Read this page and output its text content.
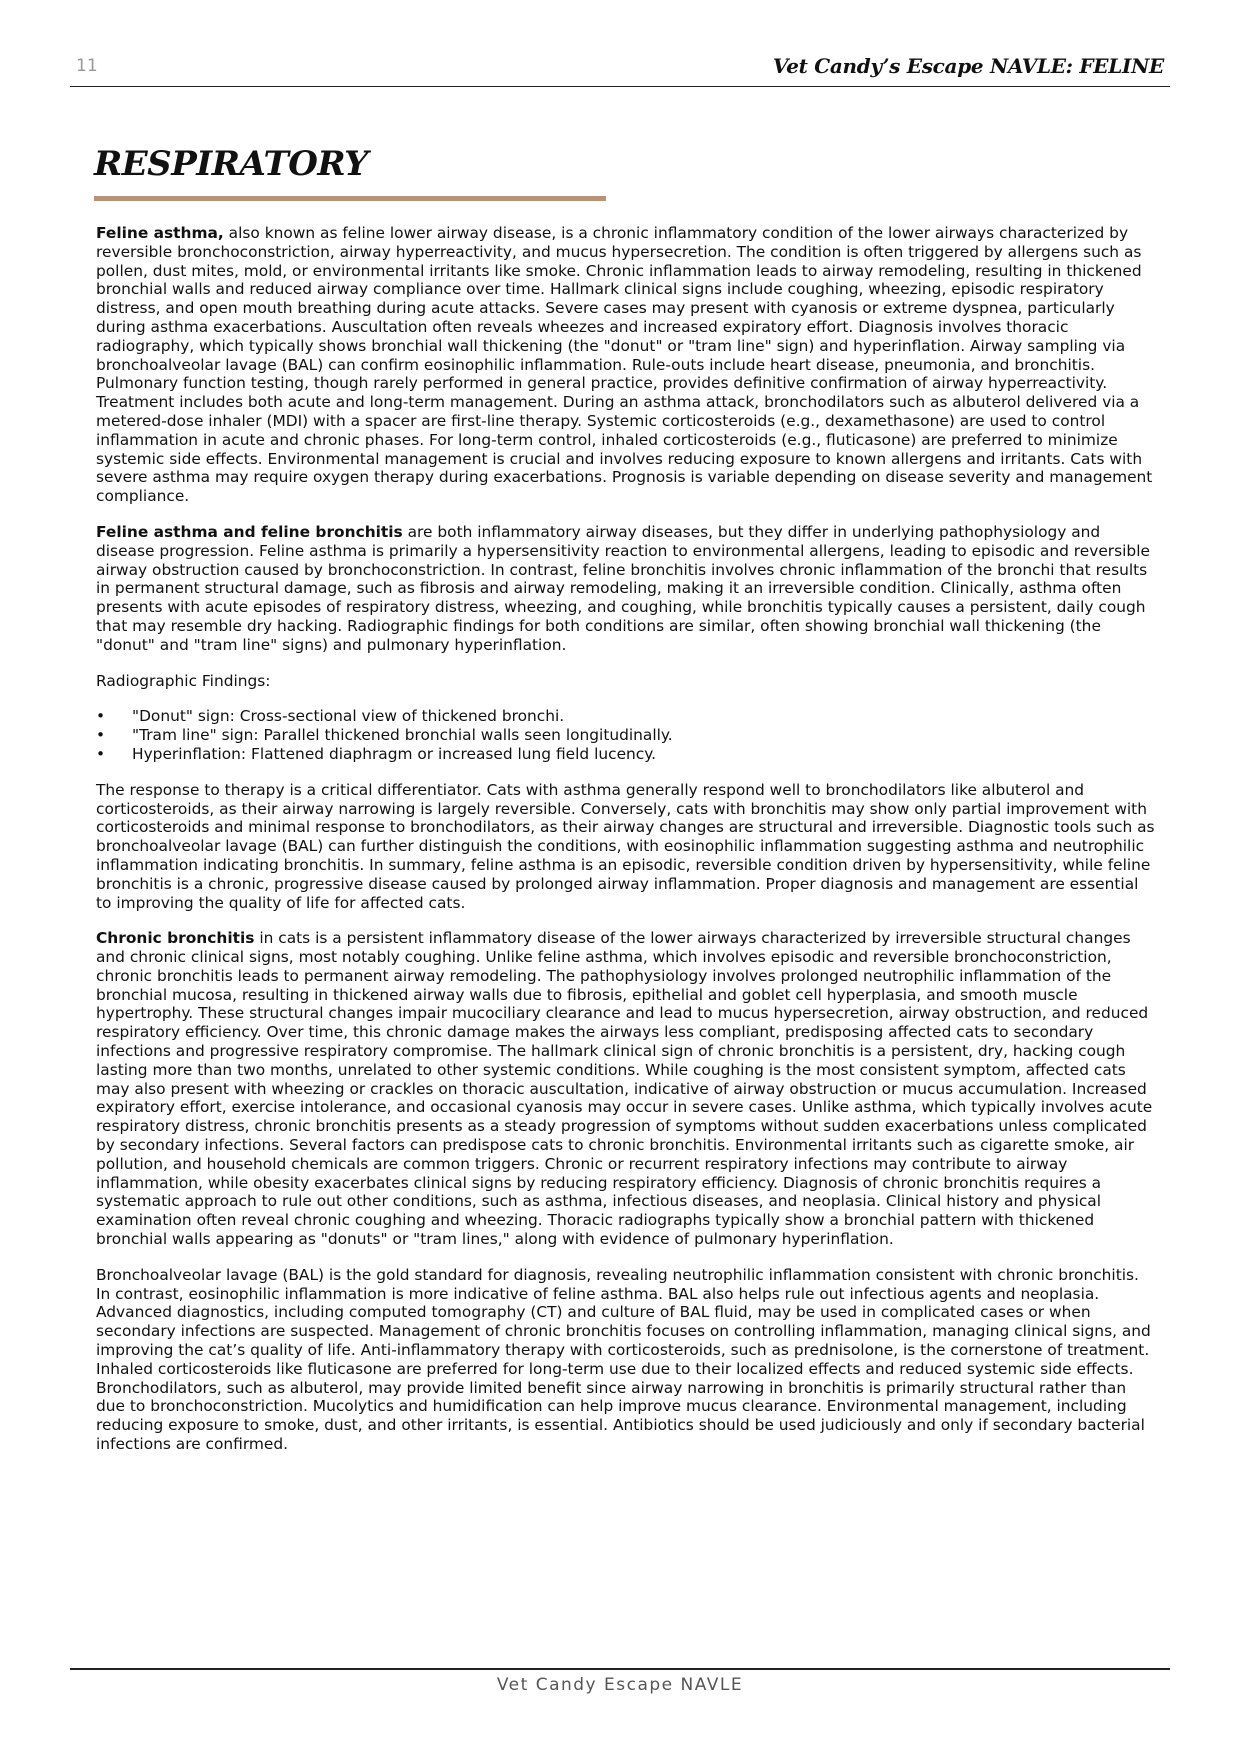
11	Vet Candy’s Escape NAVLE: FELINE
RESPIRATORY

Feline asthma, also known as feline lower airway disease, is a chronic inflammatory condition of the lower airways characterized by reversible bronchoconstriction, airway hyperreactivity, and mucus hypersecretion. The condition is often triggered by allergens such as pollen, dust mites, mold, or environmental irritants like smoke. Chronic inflammation leads to airway remodeling, resulting in thickened bronchial walls and reduced airway compliance over time. Hallmark clinical signs include coughing, wheezing, episodic respiratory distress, and open mouth breathing during acute attacks. Severe cases may present with cyanosis or extreme dyspnea, particularly during asthma exacerbations. Auscultation often reveals wheezes and increased expiratory effort. Diagnosis involves thoracic radiography, which typically shows bronchial wall thickening (the "donut" or "tram line" sign) and hyperinflation. Airway sampling via bronchoalveolar lavage (BAL) can confirm eosinophilic inflammation. Rule-outs include heart disease, pneumonia, and bronchitis. Pulmonary function testing, though rarely performed in general practice, provides definitive confirmation of airway hyperreactivity. Treatment includes both acute and long-term management. During an asthma attack, bronchodilators such as albuterol delivered via a metered-dose inhaler (MDI) with a spacer are first-line therapy. Systemic corticosteroids (e.g., dexamethasone) are used to control inflammation in acute and chronic phases. For long-term control, inhaled corticosteroids (e.g., fluticasone) are preferred to minimize systemic side effects. Environmental management is crucial and involves reducing exposure to known allergens and irritants. Cats with severe asthma may require oxygen therapy during exacerbations. Prognosis is variable depending on disease severity and management compliance.

Feline asthma and feline bronchitis are both inflammatory airway diseases, but they differ in underlying pathophysiology and disease progression. Feline asthma is primarily a hypersensitivity reaction to environmental allergens, leading to episodic and reversible airway obstruction caused by bronchoconstriction. In contrast, feline bronchitis involves chronic inflammation of the bronchi that results in permanent structural damage, such as fibrosis and airway remodeling, making it an irreversible condition. Clinically, asthma often presents with acute episodes of respiratory distress, wheezing, and coughing, while bronchitis typically causes a persistent, daily cough that may resemble dry hacking. Radiographic findings for both conditions are similar, often showing bronchial wall thickening (the "donut" and "tram line" signs) and pulmonary hyperinflation.

Radiographic Findings:

• "Donut" sign: Cross-sectional view of thickened bronchi.
• "Tram line" sign: Parallel thickened bronchial walls seen longitudinally.
• Hyperinflation: Flattened diaphragm or increased lung field lucency.

The response to therapy is a critical differentiator. Cats with asthma generally respond well to bronchodilators like albuterol and corticosteroids, as their airway narrowing is largely reversible. Conversely, cats with bronchitis may show only partial improvement with corticosteroids and minimal response to bronchodilators, as their airway changes are structural and irreversible. Diagnostic tools such as bronchoalveolar lavage (BAL) can further distinguish the conditions, with eosinophilic inflammation suggesting asthma and neutrophilic inflammation indicating bronchitis. In summary, feline asthma is an episodic, reversible condition driven by hypersensitivity, while feline bronchitis is a chronic, progressive disease caused by prolonged airway inflammation. Proper diagnosis and management are essential to improving the quality of life for affected cats.

Chronic bronchitis in cats is a persistent inflammatory disease of the lower airways characterized by irreversible structural changes and chronic clinical signs, most notably coughing. Unlike feline asthma, which involves episodic and reversible bronchoconstriction, chronic bronchitis leads to permanent airway remodeling. The pathophysiology involves prolonged neutrophilic inflammation of the bronchial mucosa, resulting in thickened airway walls due to fibrosis, epithelial and goblet cell hyperplasia, and smooth muscle hypertrophy. These structural changes impair mucociliary clearance and lead to mucus hypersecretion, airway obstruction, and reduced respiratory efficiency. Over time, this chronic damage makes the airways less compliant, predisposing affected cats to secondary infections and progressive respiratory compromise. The hallmark clinical sign of chronic bronchitis is a persistent, dry, hacking cough lasting more than two months, unrelated to other systemic conditions. While coughing is the most consistent symptom, affected cats may also present with wheezing or crackles on thoracic auscultation, indicative of airway obstruction or mucus accumulation. Increased expiratory effort, exercise intolerance, and occasional cyanosis may occur in severe cases. Unlike asthma, which typically involves acute respiratory distress, chronic bronchitis presents as a steady progression of symptoms without sudden exacerbations unless complicated by secondary infections. Several factors can predispose cats to chronic bronchitis. Environmental irritants such as cigarette smoke, air pollution, and household chemicals are common triggers. Chronic or recurrent respiratory infections may contribute to airway inflammation, while obesity exacerbates clinical signs by reducing respiratory efficiency. Diagnosis of chronic bronchitis requires a systematic approach to rule out other conditions, such as asthma, infectious diseases, and neoplasia. Clinical history and physical examination often reveal chronic coughing and wheezing. Thoracic radiographs typically show a bronchial pattern with thickened bronchial walls appearing as "donuts" or "tram lines," along with evidence of pulmonary hyperinflation.

Bronchoalveolar lavage (BAL) is the gold standard for diagnosis, revealing neutrophilic inflammation consistent with chronic bronchitis. In contrast, eosinophilic inflammation is more indicative of feline asthma. BAL also helps rule out infectious agents and neoplasia. Advanced diagnostics, including computed tomography (CT) and culture of BAL fluid, may be used in complicated cases or when secondary infections are suspected. Management of chronic bronchitis focuses on controlling inflammation, managing clinical signs, and improving the cat’s quality of life. Anti-inflammatory therapy with corticosteroids, such as prednisolone, is the cornerstone of treatment. Inhaled corticosteroids like fluticasone are preferred for long-term use due to their localized effects and reduced systemic side effects. Bronchodilators, such as albuterol, may provide limited benefit since airway narrowing in bronchitis is primarily structural rather than due to bronchoconstriction. Mucolytics and humidification can help improve mucus clearance. Environmental management, including reducing exposure to smoke, dust, and other irritants, is essential. Antibiotics should be used judiciously and only if secondary bacterial infections are confirmed.

Vet Candy Escape NAVLE
